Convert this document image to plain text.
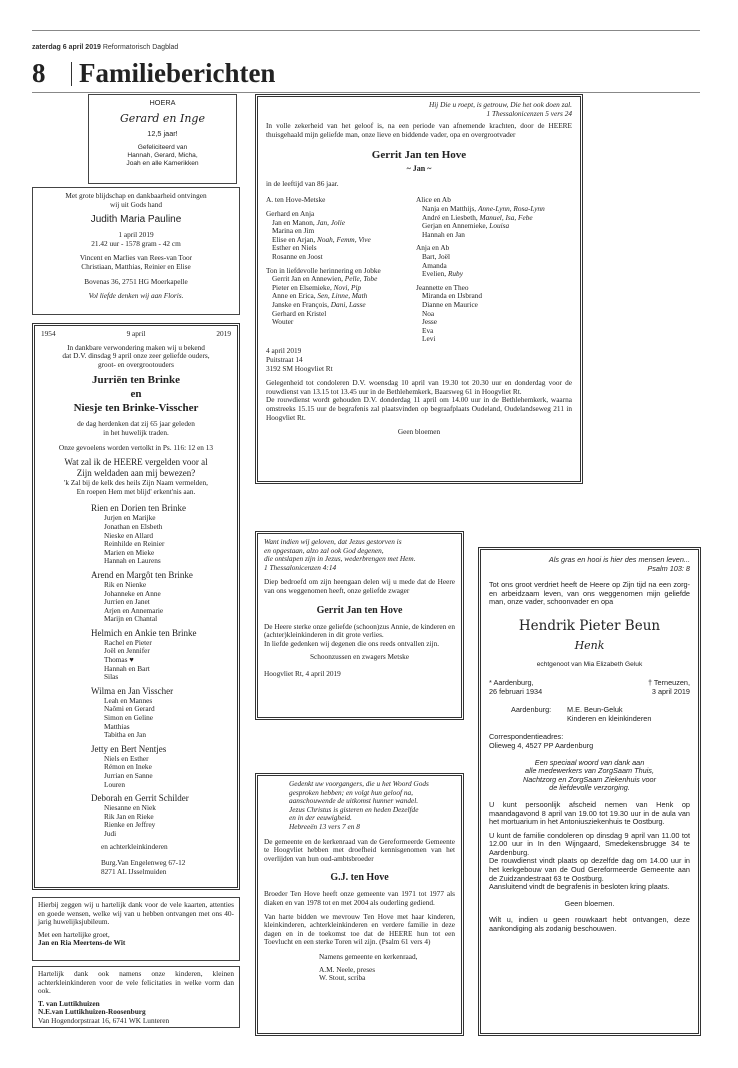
zaterdag 6 april 2019 Reformatorisch Dagblad
8 Familieberichten
HOERA
Gerard en Inge
12,5 jaar!
Gefeliciteerd van
Hannah, Gerard, Micha,
Joah en alle Kamerikken
Met grote blijdschap en dankbaarheid ontvingen
wij uit Gods hand
Judith Maria Pauline
1 april 2019
21.42 uur - 1578 gram - 42 cm
Vincent en Marlies van Rees-van Toor
Christiaan, Matthias, Reinier en Elise
Bovenas 36, 2751 HG Moerkapelle
Vol liefde denken wij aan Floris.
1954	9 april	2019
In dankbare verwondering maken wij u bekend
dat D.V. dinsdag 9 april onze zeer geliefde ouders,
groot- en overgrootouders
Jurriën ten Brinke
en
Niesje ten Brinke-Visscher
de dag herdenken dat zij 65 jaar geleden
in het huwelijk traden.
Onze gevoelens worden vertolkt in Ps. 116: 12 en 13
Wat zal ik de HEERE vergelden voor al
Zijn weldaden aan mij bewezen?
'k Zal bij de kelk des heils Zijn Naam vermelden,
En roepen Hem met blijd' erkent'nis aan.
Rien en Dorien ten Brinke
Jurjen en Marijke
Jonathan en Elsbeth
Nieske en Allard
Reinhilde en Reinier
Marien en Mieke
Hannah en Laurens
Arend en Margôt ten Brinke
Rik en Nienke
Johanneke en Anne
Jurrien en Janet
Arjen en Annemarie
Marijn en Chantal
Helmich en Ankie ten Brinke
Rachel en Pieter
Joël en Jennifer
Thomas ♥
Hannah en Bart
Silas
Wilma en Jan Visscher
Leah en Mannes
Naômi en Gerard
Simon en Geline
Matthias
Tabitha en Jan
Jetty en Bert Nentjes
Niels en Esther
Rémon en Ineke
Jurrian en Sanne
Louren
Deborah en Gerrit Schilder
Niesanne en Niek
Rik Jan en Rieke
Rienke en Jeffrey
Judi
en achterkleinkinderen
Burg.Van Engelenweg 67-12
8271 AL IJsselmuiden
Hierbij zeggen wij u hartelijk dank voor de vele kaarten, attenties en goede wensen, welke wij van u hebben ontvangen met ons 40-jarig huwelijksjubileum.
Met een hartelijke groet,
Jan en Ria Meertens-de Wit
Hartelijk dank ook namens onze kinderen, kleinen achterkleinkinderen voor de vele felicitaties in welke vorm dan ook.
T. van Luttikhuizen
N.E.van Luttikhuizen-Roosenburg
Van Hogendorpstraat 16, 6741 WK Lunteren
Hij Die u roept, is getrouw, Die het ook doen zal.
1 Thessalonicenzen 5 vers 24
In volle zekerheid van het geloof is, na een periode van afnemende krachten, door de HEERE thuisgehaald mijn geliefde man, onze lieve en biddende vader, opa en overgrootvader
Gerrit Jan ten Hove
~ Jan ~
in de leeftijd van 86 jaar.
A. ten Hove-Metske
Gerhard en Anja
Jan en Manon, Jan, Jolie
Marina en Jim
Elise en Arjan, Noah, Femm, Vive
Esther en Niels
Rosanne en Joost
Ton in liefdevolle herinnering en Jobke
Gerrit Jan en Annewien, Pelle, Tobe
Pieter en Elsemieke, Novi, Pip
Anne en Erica, Sen, Linne, Math
Janske en François, Dani, Lasse
Gerhard en Kristel
Wouter
Alice en Ab
Nanja en Matthijs, Anne-Lynn, Rosa-Lynn
André en Liesbeth, Manuel, Isa, Febe
Gerjan en Annemieke, Louisa
Hannah en Jan
Anja en Ab
Bart, Joël
Amanda
Evelien, Ruby
Jeannette en Theo
Miranda en IJsbrand
Dianne en Maurice
Noa
Jesse
Eva
Levi
4 april 2019
Puitstraat 14
3192 SM Hoogvliet Rt
Gelegenheid tot condoleren D.V. woensdag 10 april van 19.30 tot 20.30 uur en donderdag voor de rouwdienst van 13.15 tot 13.45 uur in de Bethlehemkerk, Baarsweg 61 in Hoogvliet Rt.
De rouwdienst wordt gehouden D.V. donderdag 11 april om 14.00 uur in de Bethlehemkerk, waarna omstreeks 15.15 uur de begrafenis zal plaatsvinden op begraafplaats Oudeland, Oudelandseweg 211 in Hoogvliet Rt.
Geen bloemen
Want indien wij geloven, dat Jezus gestorven is
en opgestaan, alzo zal ook God degenen,
die ontslapen zijn in Jezus, wederbrengen met Hem.
1 Thessalonicenzen 4:14
Diep bedroefd om zijn heengaan delen wij u mede dat de Heere van ons weggenomen heeft, onze geliefde zwager
Gerrit Jan ten Hove
De Heere sterke onze geliefde (schoon)zus Annie, de kinderen en (achter)kleinkinderen in dit grote verlies.
In liefde gedenken wij degenen die ons reeds ontvallen zijn.
Schoonzussen en zwagers Metske
Hoogvliet Rt, 4 april 2019
Gedenkt uw voorgangers, die u het Woord Gods
gesproken hebben; en volgt hun geloof na,
aanschouwende de uitkomst hunner wandel.
Jezus Christus is gisteren en heden Dezelfde
en in der eeuwigheid.
Hebreeën 13 vers 7 en 8
De gemeente en de kerkenraad van de Gereformeerde Gemeente te Hoogvliet hebben met droefheid kennisgenomen van het overlijden van hun oud-ambtsbroeder
G.J. ten Hove
Broeder Ten Hove heeft onze gemeente van 1971 tot 1977 als diaken en van 1978 tot en met 2004 als ouderling gediend.
Van harte bidden we mevrouw Ten Hove met haar kinderen, kleinkinderen, achterkleinkinderen en verdere familie in deze dagen en in de toekomst toe dat de HEERE hun tot een Toevlucht en een sterke Toren wil zijn. (Psalm 61 vers 4)
Namens gemeente en kerkenraad,
A.M. Neele, preses
W. Stout, scriba
Als gras en hooi is hier des mensen leven...
Psalm 103: 8
Tot ons groot verdriet heeft de Heere op Zijn tijd na een zorg- en arbeidzaam leven, van ons weggenomen mijn geliefde man, onze vader, schoonvader en opa
Hendrik Pieter Beun
Henk
echtgenoot van Mia Elizabeth Geluk
* Aardenburg,
26 februari 1934
† Terneuzen,
3 april 2019
Aardenburg:	M.E. Beun-Geluk
Kinderen en kleinkinderen
Correspondentieadres:
Olieweg 4, 4527 PP Aardenburg
Een speciaal woord van dank aan
alle medewerkers van ZorgSaam Thuis,
Nachtzorg en ZorgSaam Ziekenhuis voor
de liefdevolle verzorging.
U kunt persoonlijk afscheid nemen van Henk op maandagavond 8 april van 19.00 tot 19.30 uur in de aula van het mortuarium in het Antoniusziekenhuis te Oostburg.
U kunt de familie condoleren op dinsdag 9 april van 11.00 tot 12.00 uur in In den Wijngaard, Smedekensbrugge 34 te Aardenburg.
De rouwdienst vindt plaats op dezelfde dag om 14.00 uur in het kerkgebouw van de Oud Gereformeerde Gemeente aan de Zuidzandestraat 63 te Oostburg.
Aansluitend vindt de begrafenis in besloten kring plaats.
Geen bloemen.
Wilt u, indien u geen rouwkaart hebt ontvangen, deze aankondiging als zodanig beschouwen.
